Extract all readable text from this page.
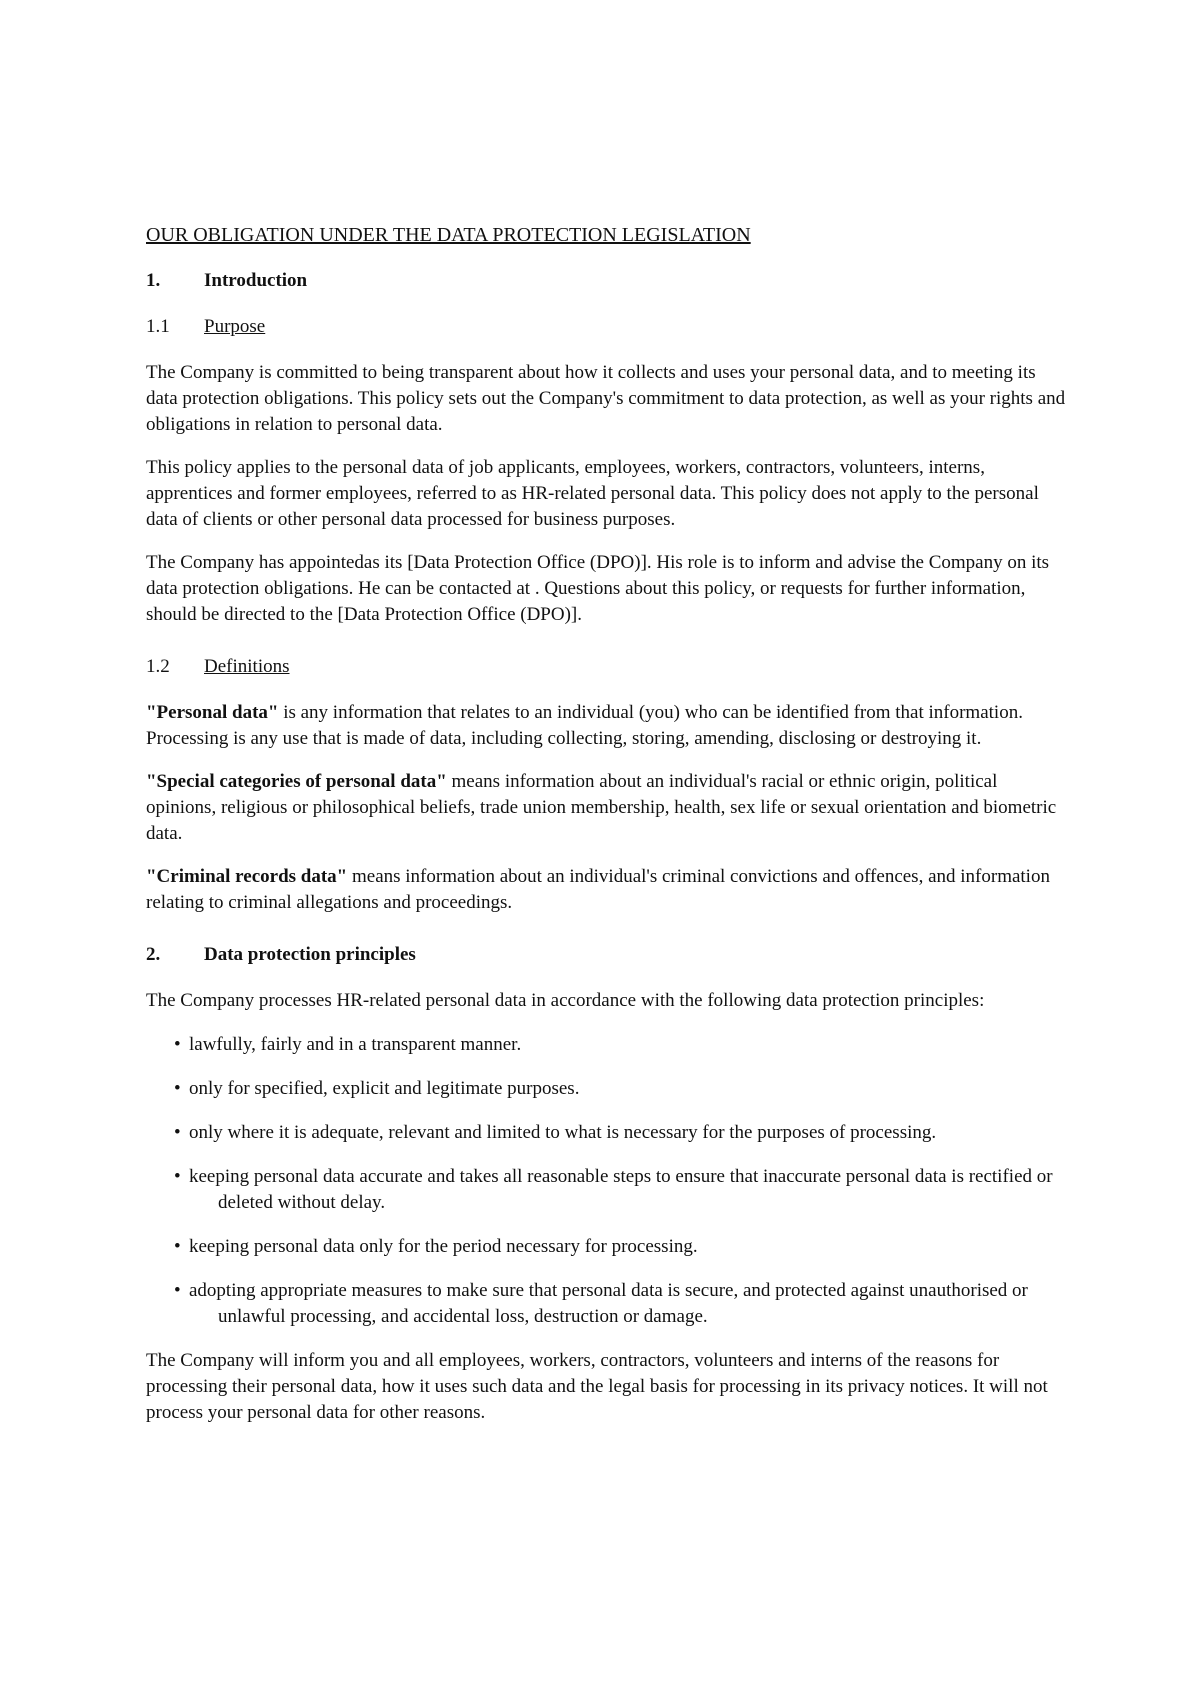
OUR OBLIGATION UNDER THE DATA PROTECTION LEGISLATION
1.	Introduction
1.1	Purpose

The Company is committed to being transparent about how it collects and uses your personal data, and to meeting its data protection obligations. This policy sets out the Company's commitment to data protection, as well as your rights and obligations in relation to personal data.

This policy applies to the personal data of job applicants, employees, workers, contractors, volunteers, interns, apprentices and former employees, referred to as HR-related personal data. This policy does not apply to the personal data of clients or other personal data processed for business purposes.

The Company has appointedas its [Data Protection Office (DPO)]. His role is to inform and advise the Company on its data protection obligations. He can be contacted at . Questions about this policy, or requests for further information, should be directed to the [Data Protection Office (DPO)].

1.2	Definitions

"Personal data" is any information that relates to an individual (you) who can be identified from that information. Processing is any use that is made of data, including collecting, storing, amending, disclosing or destroying it.

"Special categories of personal data" means information about an individual's racial or ethnic origin, political opinions, religious or philosophical beliefs, trade union membership, health, sex life or sexual orientation and biometric data.

"Criminal records data" means information about an individual's criminal convictions and offences, and information relating to criminal allegations and proceedings.

2.	Data protection principles

The Company processes HR-related personal data in accordance with the following data protection principles:

• lawfully, fairly and in a transparent manner.
• only for specified, explicit and legitimate purposes.
• only where it is adequate, relevant and limited to what is necessary for the purposes of processing.
• keeping personal data accurate and takes all reasonable steps to ensure that inaccurate personal data is rectified or deleted without delay.
• keeping personal data only for the period necessary for processing.
• adopting appropriate measures to make sure that personal data is secure, and protected against unauthorised or unlawful processing, and accidental loss, destruction or damage.

The Company will inform you and all employees, workers, contractors, volunteers and interns of the reasons for processing their personal data, how it uses such data and the legal basis for processing in its privacy notices. It will not process your personal data for other reasons.
